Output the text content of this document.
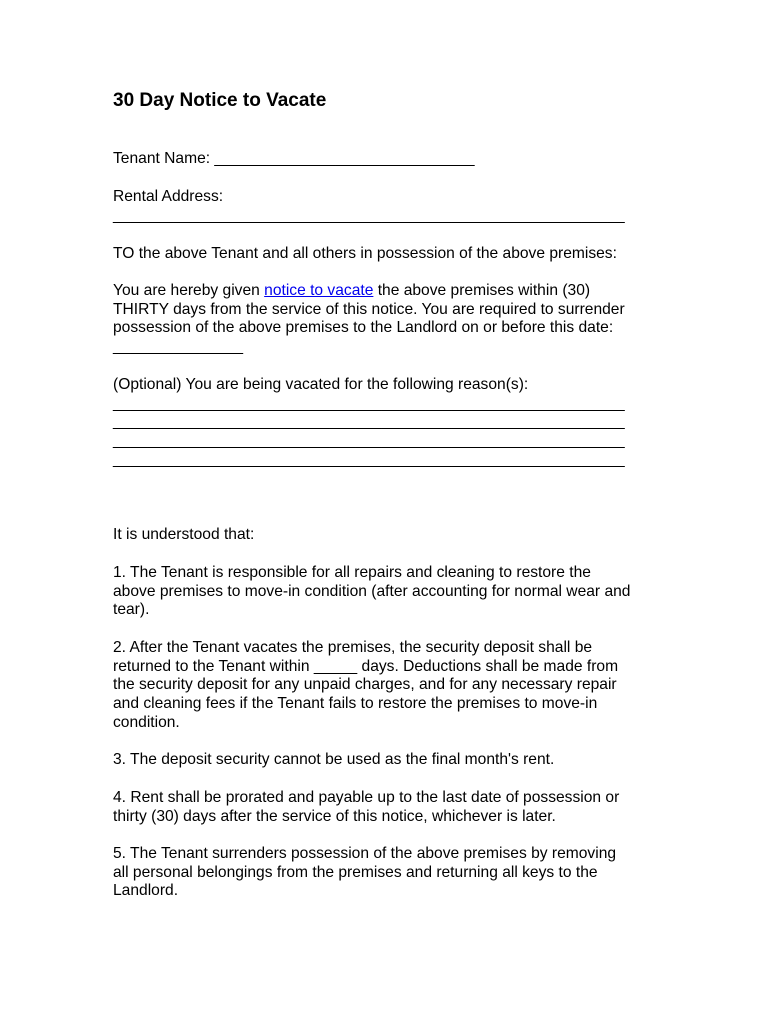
30 Day Notice to Vacate
Tenant Name: ______________________________
Rental Address:
___________________________________________________________
TO the above Tenant and all others in possession of the above premises:
You are hereby given notice to vacate the above premises within (30)
THIRTY days from the service of this notice. You are required to surrender
possession of the above premises to the Landlord on or before this date:
_______________
(Optional) You are being vacated for the following reason(s):
___________________________________________________________
___________________________________________________________
___________________________________________________________
___________________________________________________________
It is understood that:
1. The Tenant is responsible for all repairs and cleaning to restore the
above premises to move-in condition (after accounting for normal wear and
tear).
2. After the Tenant vacates the premises, the security deposit shall be
returned to the Tenant within _____ days. Deductions shall be made from
the security deposit for any unpaid charges, and for any necessary repair
and cleaning fees if the Tenant fails to restore the premises to move-in
condition.
3. The deposit security cannot be used as the final month's rent.
4. Rent shall be prorated and payable up to the last date of possession or
thirty (30) days after the service of this notice, whichever is later.
5. The Tenant surrenders possession of the above premises by removing
all personal belongings from the premises and returning all keys to the
Landlord.
